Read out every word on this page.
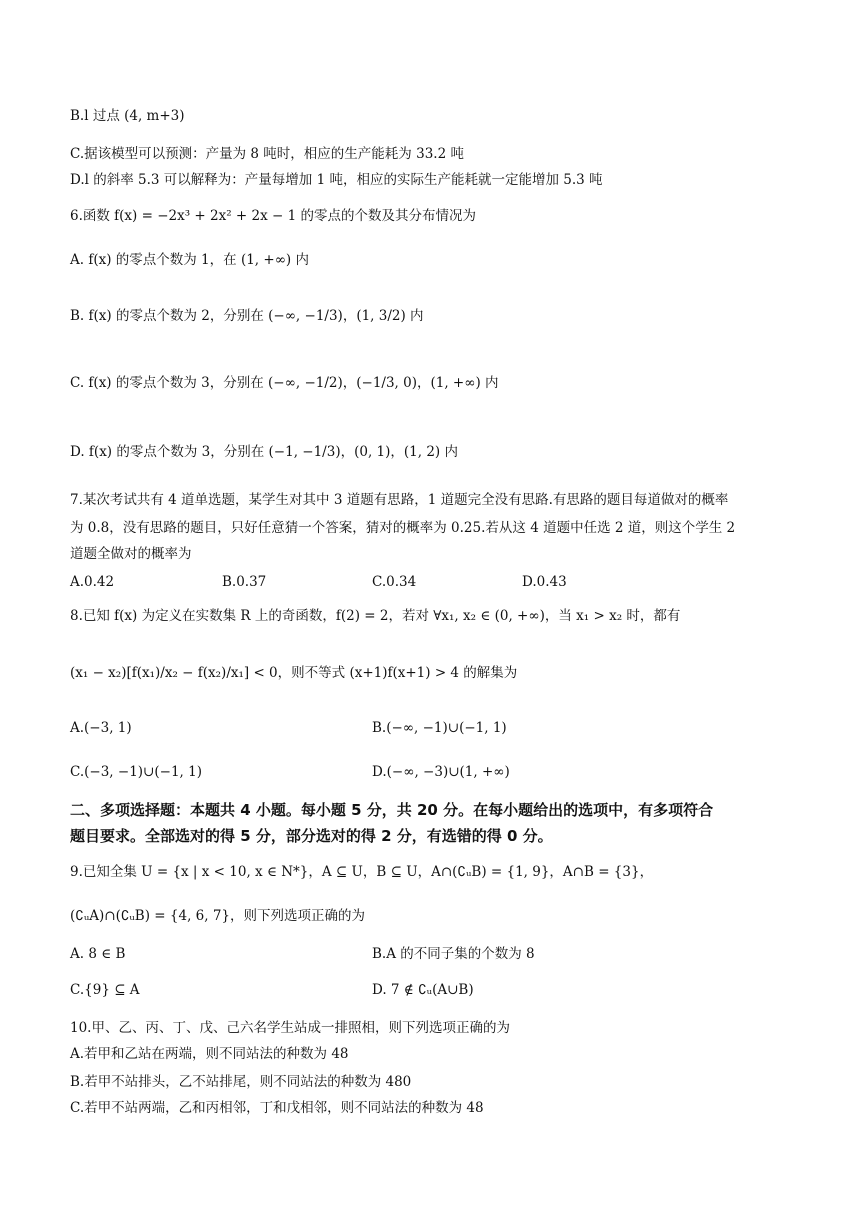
B.l 过点 (4, m+3)
C.据该模型可以预测：产量为 8 吨时，相应的生产能耗为 33.2 吨
D.l 的斜率 5.3 可以解释为：产量每增加 1 吨，相应的实际生产能耗就一定能增加 5.3 吨
6.函数 f(x) = −2x³ + 2x² + 2x − 1 的零点的个数及其分布情况为
A. f(x) 的零点个数为 1，在 (1, +∞) 内
B. f(x) 的零点个数为 2，分别在 (−∞, −1/3)，(1, 3/2) 内
C. f(x) 的零点个数为 3，分别在 (−∞, −1/2)，(−1/3, 0)，(1, +∞) 内
D. f(x) 的零点个数为 3，分别在 (−1, −1/3)，(0, 1)，(1, 2) 内
7.某次考试共有 4 道单选题，某学生对其中 3 道题有思路，1 道题完全没有思路.有思路的题目每道做对的概率
为 0.8，没有思路的题目，只好任意猜一个答案，猜对的概率为 0.25.若从这 4 道题中任选 2 道，则这个学生 2
道题全做对的概率为
A.0.42	B.0.37	C.0.34	D.0.43
8.已知 f(x) 为定义在实数集 R 上的奇函数，f(2) = 2，若对 ∀x₁, x₂ ∈ (0, +∞)，当 x₁ > x₂ 时，都有
(x₁ − x₂)[f(x₁)/x₂ − f(x₂)/x₁] < 0，则不等式 (x+1)f(x+1) > 4 的解集为
A.(−3, 1)	B.(−∞, −1)∪(−1, 1)
C.(−3, −1)∪(−1, 1)	D.(−∞, −3)∪(1, +∞)
二、多项选择题：本题共 4 小题。每小题 5 分，共 20 分。在每小题给出的选项中，有多项符合
题目要求。全部选对的得 5 分，部分选对的得 2 分，有选错的得 0 分。
9.已知全集 U = {x | x < 10, x ∈ N*}，A ⊆ U，B ⊆ U，A∩(∁ᵤB) = {1, 9}，A∩B = {3}，
(∁ᵤA)∩(∁ᵤB) = {4, 6, 7}，则下列选项正确的为
A. 8 ∈ B	B.A 的不同子集的个数为 8
C.{9} ⊆ A	D. 7 ∉ ∁ᵤ(A∪B)
10.甲、乙、丙、丁、戊、己六名学生站成一排照相，则下列选项正确的为
A.若甲和乙站在两端，则不同站法的种数为 48
B.若甲不站排头，乙不站排尾，则不同站法的种数为 480
C.若甲不站两端，乙和丙相邻，丁和戊相邻，则不同站法的种数为 48
